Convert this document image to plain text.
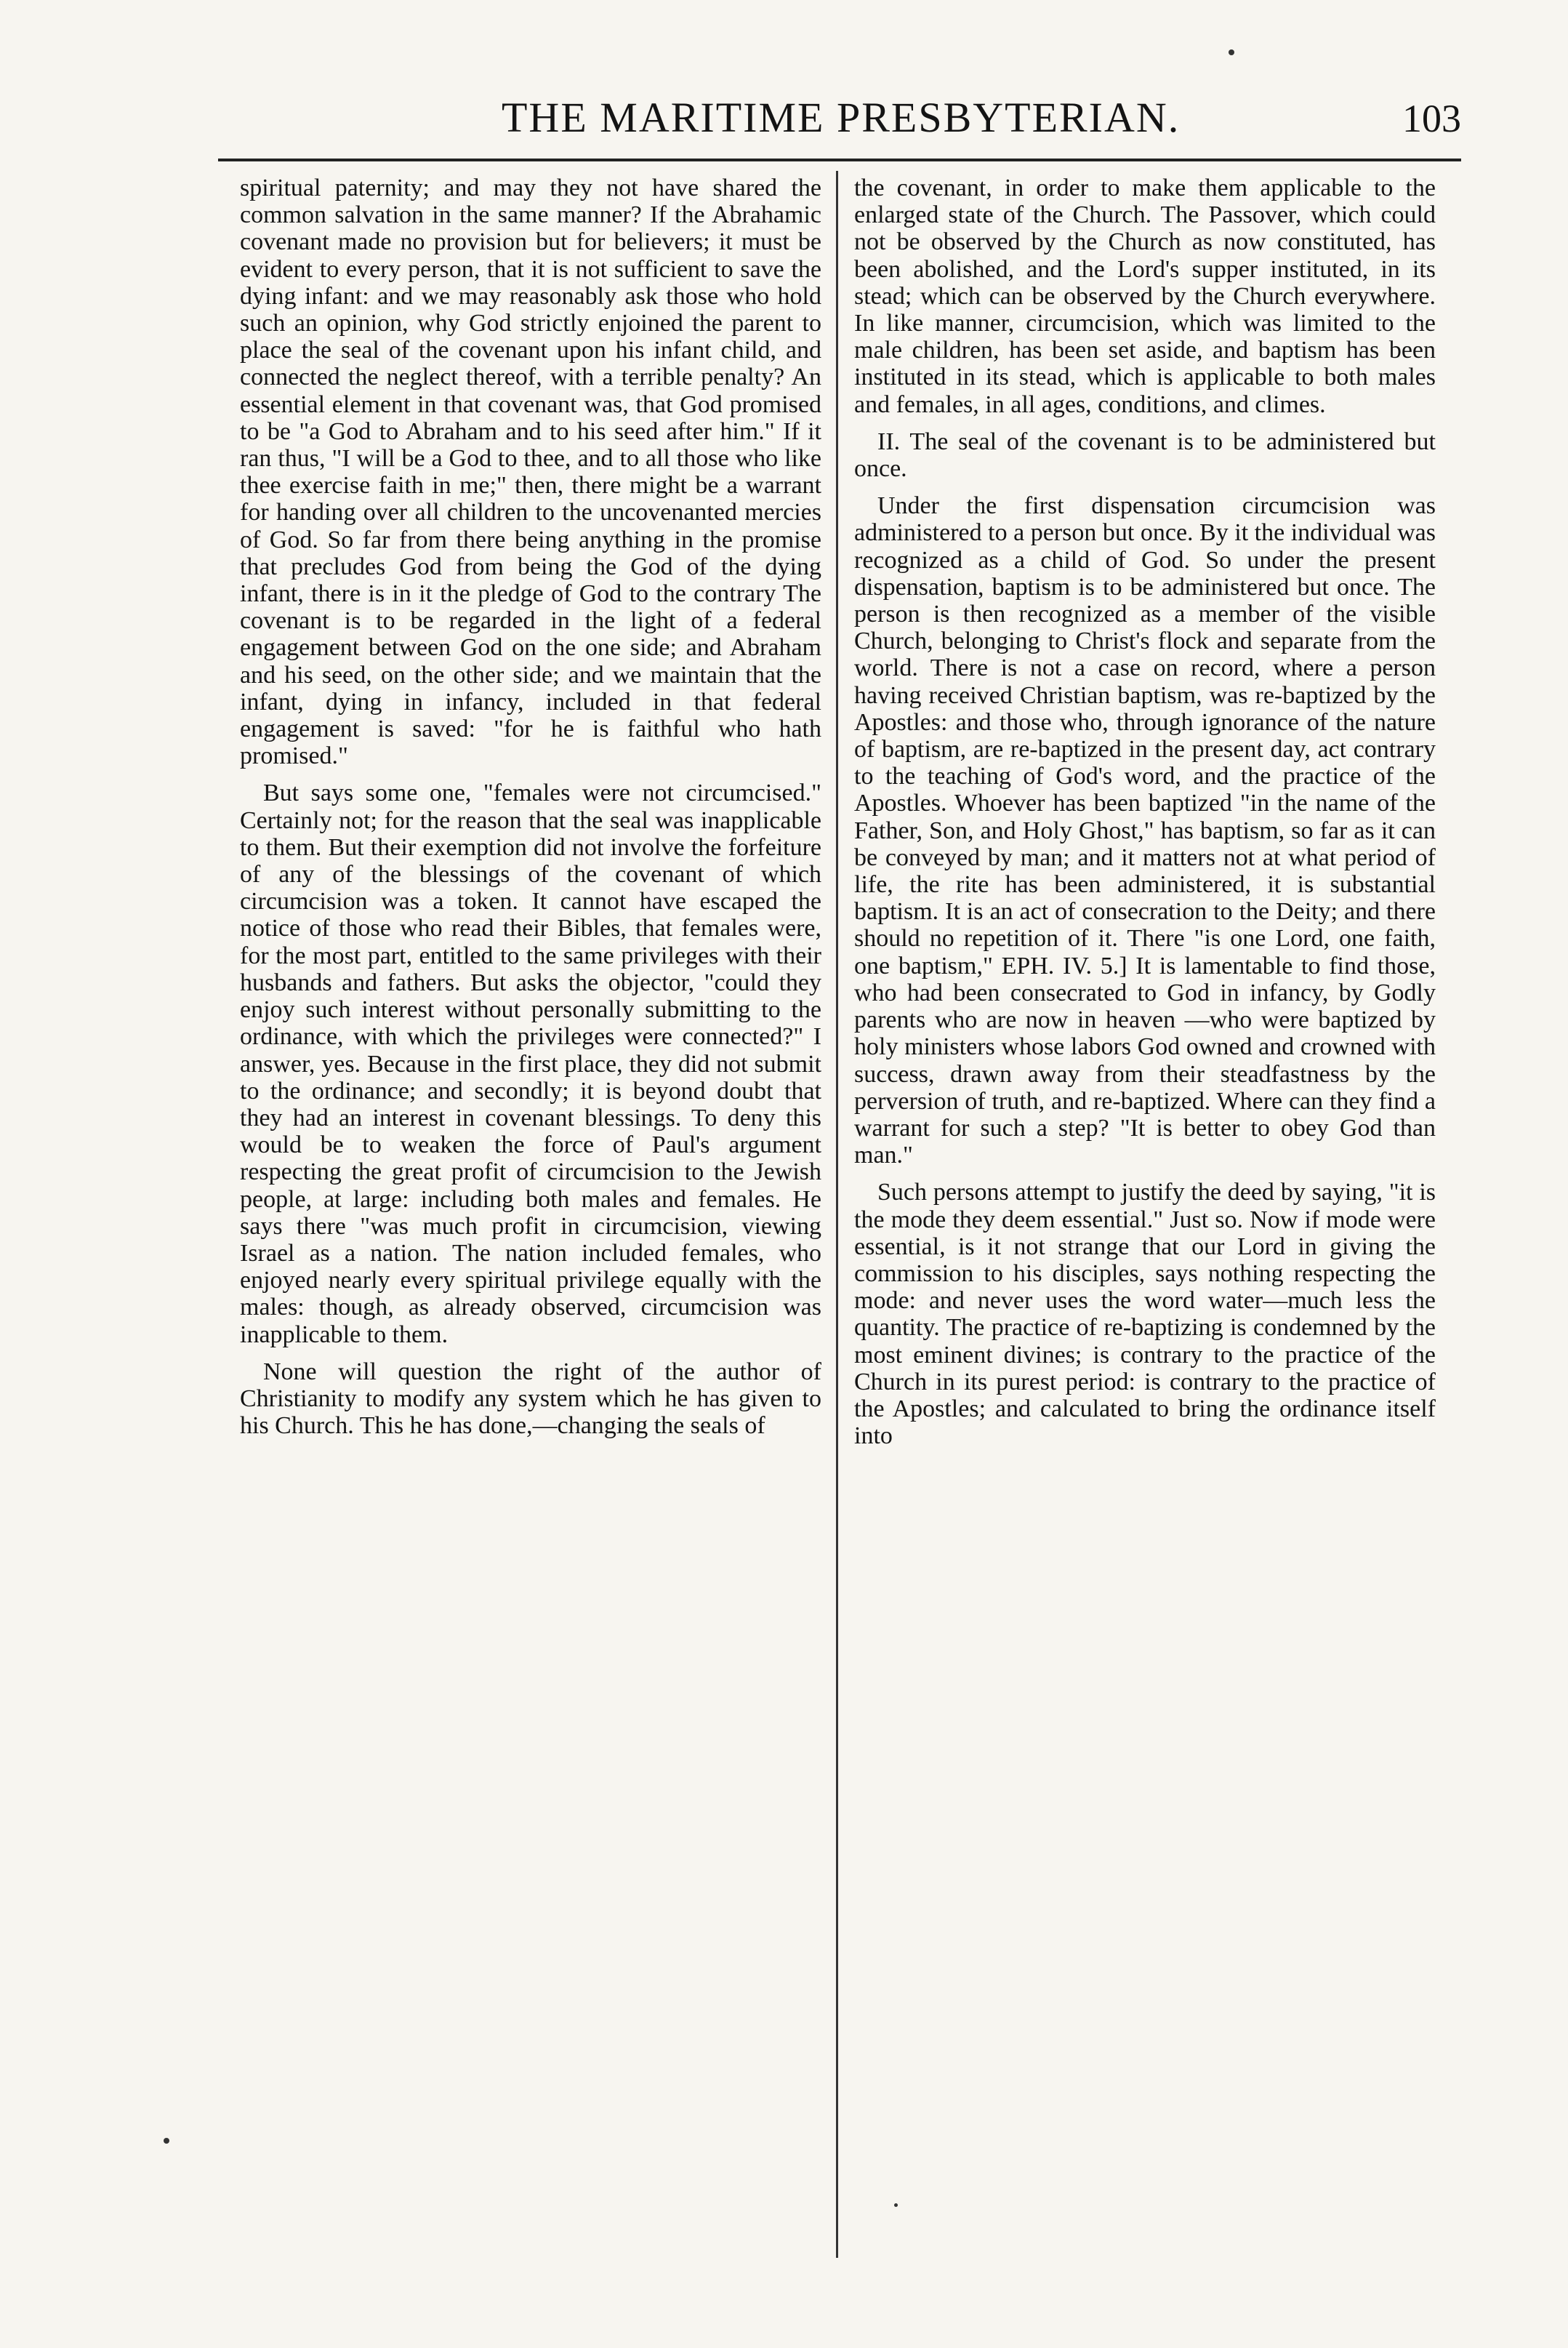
THE MARITIME PRESBYTERIAN.	103

spiritual paternity; and may they not have shared the common salvation in the same manner? If the Abrahamic covenant made no provision but for believers; it must be evident to every person, that it is not sufficient to save the dying infant: and we may reasonably ask those who hold such an opinion, why God strictly enjoined the parent to place the seal of the covenant upon his infant child, and connected the neglect thereof, with a terrible penalty? An essential element in that covenant was, that God promised to be "a God to Abraham and to his seed after him." If it ran thus, "I will be a God to thee, and to all those who like thee exercise faith in me;" then, there might be a warrant for handing over all children to the uncovenanted mercies of God. So far from there being anything in the promise that precludes God from being the God of the dying infant, there is in it the pledge of God to the contrary The covenant is to be regarded in the light of a federal engagement between God on the one side; and Abraham and his seed, on the other side; and we maintain that the infant, dying in infancy, included in that federal engagement is saved: "for he is faithful who hath promised."

But says some one, "females were not circumcised." Certainly not; for the reason that the seal was inapplicable to them. But their exemption did not involve the forfeiture of any of the blessings of the covenant of which circumcision was a token. It cannot have escaped the notice of those who read their Bibles, that females were, for the most part, entitled to the same privileges with their husbands and fathers. But asks the objector, "could they enjoy such interest without personally submitting to the ordinance, with which the privileges were connected?" I answer, yes. Because in the first place, they did not submit to the ordinance; and secondly; it is beyond doubt that they had an interest in covenant blessings. To deny this would be to weaken the force of Paul's argument respecting the great profit of circumcision to the Jewish people, at large: including both males and females. He says there "was much profit in circumcision, viewing Israel as a nation. The nation included females, who enjoyed nearly every spiritual privilege equally with the males: though, as already observed, circumcision was inapplicable to them.

None will question the right of the author of Christianity to modify any system which he has given to his Church. This he has done,—changing the seals of

the covenant, in order to make them applicable to the enlarged state of the Church. The Passover, which could not be observed by the Church as now constituted, has been abolished, and the Lord's supper instituted, in its stead; which can be observed by the Church everywhere. In like manner, circumcision, which was limited to the male children, has been set aside, and baptism has been instituted in its stead, which is applicable to both males and females, in all ages, conditions, and climes.

II. The seal of the covenant is to be administered but once.

Under the first dispensation circumcision was administered to a person but once. By it the individual was recognized as a child of God. So under the present dispensation, baptism is to be administered but once. The person is then recognized as a member of the visible Church, belonging to Christ's flock and separate from the world. There is not a case on record, where a person having received Christian baptism, was re-baptized by the Apostles: and those who, through ignorance of the nature of baptism, are re-baptized in the present day, act contrary to the teaching of God's word, and the practice of the Apostles. Whoever has been baptized "in the name of the Father, Son, and Holy Ghost," has baptism, so far as it can be conveyed by man; and it matters not at what period of life, the rite has been administered, it is substantial baptism. It is an act of consecration to the Deity; and there should no repetition of it. There "is one Lord, one faith, one baptism," EPH. IV. 5.] It is lamentable to find those, who had been consecrated to God in infancy, by Godly parents who are now in heaven —who were baptized by holy ministers whose labors God owned and crowned with success, drawn away from their steadfastness by the perversion of truth, and re-baptized. Where can they find a warrant for such a step? "It is better to obey God than man."

Such persons attempt to justify the deed by saying, "it is the mode they deem essential." Just so. Now if mode were essential, is it not strange that our Lord in giving the commission to his disciples, says nothing respecting the mode: and never uses the word water—much less the quantity. The practice of re-baptizing is condemned by the most eminent divines; is contrary to the practice of the Church in its purest period: is contrary to the practice of the Apostles; and calculated to bring the ordinance itself into
